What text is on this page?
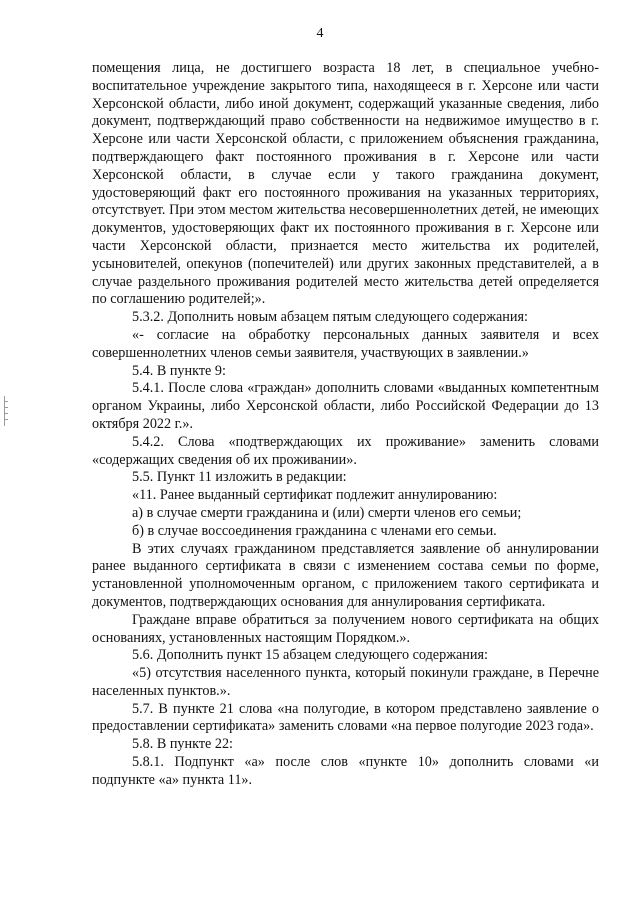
4

помещения лица, не достигшего возраста 18 лет, в специальное учебно-воспитательное учреждение закрытого типа, находящееся в г. Херсоне или части Херсонской области, либо иной документ, содержащий указанные сведения, либо документ, подтверждающий право собственности на недвижимое имущество в г. Херсоне или части Херсонской области, с приложением объяснения гражданина, подтверждающего факт постоянного проживания в г. Херсоне или части Херсонской области, в случае если у такого гражданина документ, удостоверяющий факт его постоянного проживания на указанных территориях, отсутствует. При этом местом жительства несовершеннолетних детей, не имеющих документов, удостоверяющих факт их постоянного проживания в г. Херсоне или части Херсонской области, признается место жительства их родителей, усыновителей, опекунов (попечителей) или других законных представителей, а в случае раздельного проживания родителей место жительства детей определяется по соглашению родителей;».

5.3.2. Дополнить новым абзацем пятым следующего содержания:

«- согласие на обработку персональных данных заявителя и всех совершеннолетних членов семьи заявителя, участвующих в заявлении.»

5.4. В пункте 9:

5.4.1. После слова «граждан» дополнить словами «выданных компетентным органом Украины, либо Херсонской области, либо Российской Федерации до 13 октября 2022 г.».

5.4.2. Слова «подтверждающих их проживание» заменить словами «содержащих сведения об их проживании».

5.5. Пункт 11 изложить в редакции:

«11. Ранее выданный сертификат подлежит аннулированию:

а) в случае смерти гражданина и (или) смерти членов его семьи;

б) в случае воссоединения гражданина с членами его семьи.

В этих случаях гражданином представляется заявление об аннулировании ранее выданного сертификата в связи с изменением состава семьи по форме, установленной уполномоченным органом, с приложением такого сертификата и документов, подтверждающих основания для аннулирования сертификата.

Граждане вправе обратиться за получением нового сертификата на общих основаниях, установленных настоящим Порядком.».

5.6. Дополнить пункт 15 абзацем следующего содержания:

«5) отсутствия населенного пункта, который покинули граждане, в Перечне населенных пунктов.».

5.7. В пункте 21 слова «на полугодие, в котором представлено заявление о предоставлении сертификата» заменить словами «на первое полугодие 2023 года».

5.8. В пункте 22:

5.8.1. Подпункт «а» после слов «пункте 10» дополнить словами «и подпункте «а» пункта 11».
